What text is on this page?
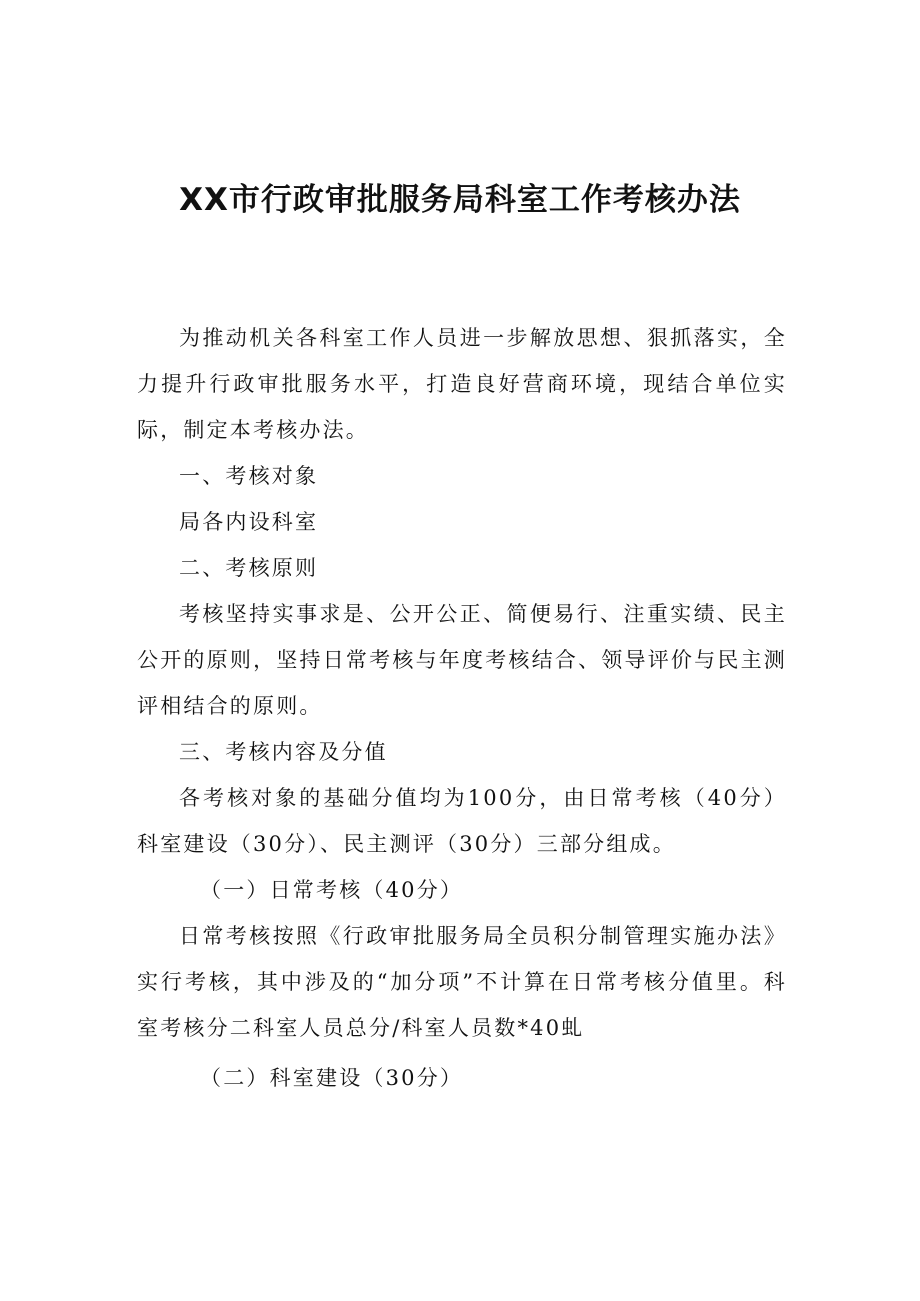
XX市行政审批服务局科室工作考核办法

为推动机关各科室工作人员进一步解放思想、狠抓落实，全力提升行政审批服务水平，打造良好营商环境，现结合单位实际，制定本考核办法。

一、考核对象

局各内设科室

二、考核原则

考核坚持实事求是、公开公正、简便易行、注重实绩、民主公开的原则，坚持日常考核与年度考核结合、领导评价与民主测评相结合的原则。

三、考核内容及分值

各考核对象的基础分值均为100分，由日常考核（40分）科室建设（30分）、民主测评（30分）三部分组成。

（一）日常考核（40分）

日常考核按照《行政审批服务局全员积分制管理实施办法》实行考核，其中涉及的“加分项”不计算在日常考核分值里。科室考核分二科室人员总分/科室人员数*40虬

（二）科室建设（30分）
